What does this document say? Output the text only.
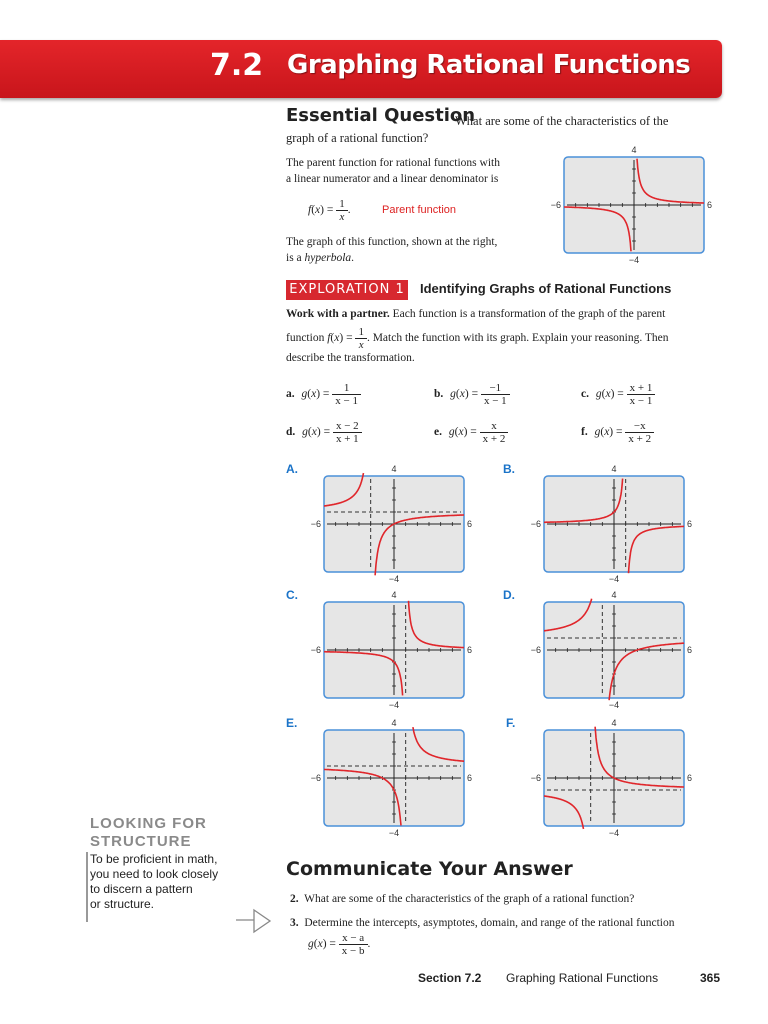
7.2 Graphing Rational Functions
Essential Question
What are some of the characteristics of the
graph of a rational function?
The parent function for rational functions with
a linear numerator and a linear denominator is
$f(x) = \frac{1}{x}$ .	Parent function
The graph of this function, shown at the right,
is a hyperbola.
EXPLORATION 1 Identifying Graphs of Rational Functions
Work with a partner. Each function is a transformation of the graph of the parent
function $f(x) = \frac{1}{x}$ . Match the function with its graph. Explain your reasoning. Then
describe the transformation.
a. $g(x) = \frac{1}{x - 1}$	b. $g(x) = \frac{-1}{x - 1}$	c. $g(x) = \frac{x + 1}{x - 1}$
d. $g(x) = \frac{x - 2}{x + 1}$	e. $g(x) = \frac{x}{x + 2}$	f. $g(x) = \frac{-x}{x + 2}$
4
−4
−6	6
A.	4
−4
−6	6
B.	4
−4
−6	6
C.	4
−4
−6	6
D.	4
−4
−6	6
E.	4
−4
−6	6
F.	4
−4
−6	6
LOOKING FOR
STRUCTURE
To be proficient in math,
you need to look closely
to discern a pattern
or structure.
Communicate Your Answer
2. What are some of the characteristics of the graph of a rational function?
3. Determine the intercepts, asymptotes, domain, and range of the rational function
$g(x) = \frac{x - a}{x - b}$ .
Section 7.2 Graphing Rational Functions	365
